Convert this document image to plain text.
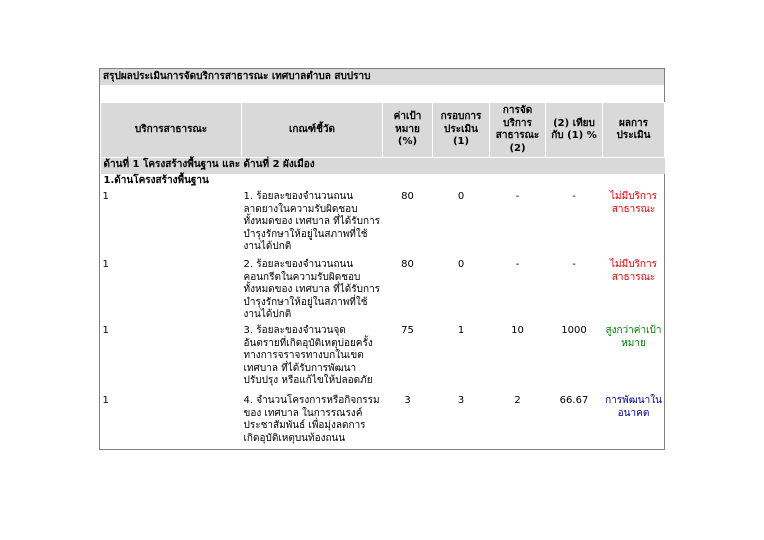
สรุปผลประเมินการจัดบริการสาธารณะ เทศบาลตำบล สบปราบ
บริการสาธารณะ	เกณฑ์ชี้วัด	ค่าเป้าหมาย (%)	กรอบการประเมิน (1)	การจัดบริการสาธารณะ (2)	(2) เทียบกับ (1) %	ผลการประเมิน
ด้านที่ 1 โครงสร้างพื้นฐาน และ ด้านที่ 2 ผังเมือง						
1.ด้านโครงสร้างพื้นฐาน						
1	1. ร้อยละของจำนวนถนนลาดยางในความรับผิดชอบทั้งหมดของ เทศบาล ที่ได้รับการบำรุงรักษาให้อยู่ในสภาพที่ใช้งานได้ปกติ	80	0	-	-	ไม่มีบริการสาธารณะ
1	2. ร้อยละของจำนวนถนนคอนกรีตในความรับผิดชอบทั้งหมดของ เทศบาล ที่ได้รับการบำรุงรักษาให้อยู่ในสภาพที่ใช้งานได้ปกติ	80	0	-	-	ไม่มีบริการสาธารณะ
1	3. ร้อยละของจำนวนจุดอันตรายที่เกิดอุบัติเหตุบ่อยครั้งทางการจราจรทางบกในเขต เทศบาล ที่ได้รับการพัฒนาปรับปรุง หรือแก้ไขให้ปลอดภัย	75	1	10	1000	สูงกว่าค่าเป้าหมาย
1	4. จำนวนโครงการหรือกิจกรรมของ เทศบาล ในการรณรงค์ประชาสัมพันธ์ เพื่อมุ่งลดการเกิดอุบัติเหตุบนท้องถนน	3	3	2	66.67	การพัฒนาในอนาคต
